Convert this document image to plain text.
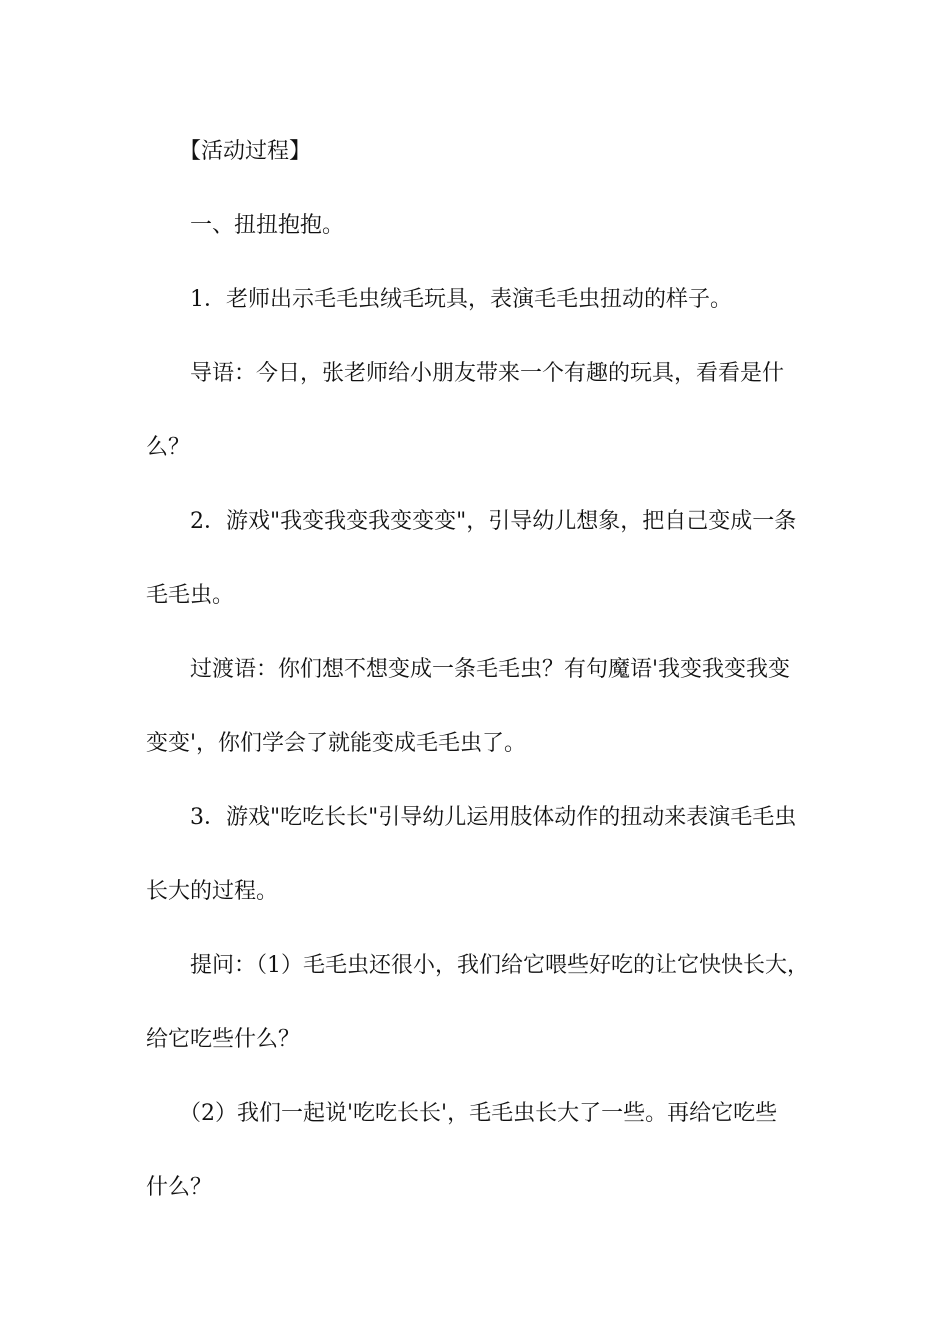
　　【活动过程】
　　一、扭扭抱抱。
　　1．老师出示毛毛虫绒毛玩具，表演毛毛虫扭动的样子。
　　导语：今日，张老师给小朋友带来一个有趣的玩具，看看是什
么？
　　2．游戏"我变我变我变变变"，引导幼儿想象，把自己变成一条
毛毛虫。
　　过渡语：你们想不想变成一条毛毛虫？有句魔语'我变我变我变
变变'，你们学会了就能变成毛毛虫了。
　　3．游戏"吃吃长长"引导幼儿运用肢体动作的扭动来表演毛毛虫
长大的过程。
　　提问：（1）毛毛虫还很小，我们给它喂些好吃的让它快快长大，
给它吃些什么？
　　（2）我们一起说'吃吃长长'，毛毛虫长大了一些。再给它吃些
什么？
